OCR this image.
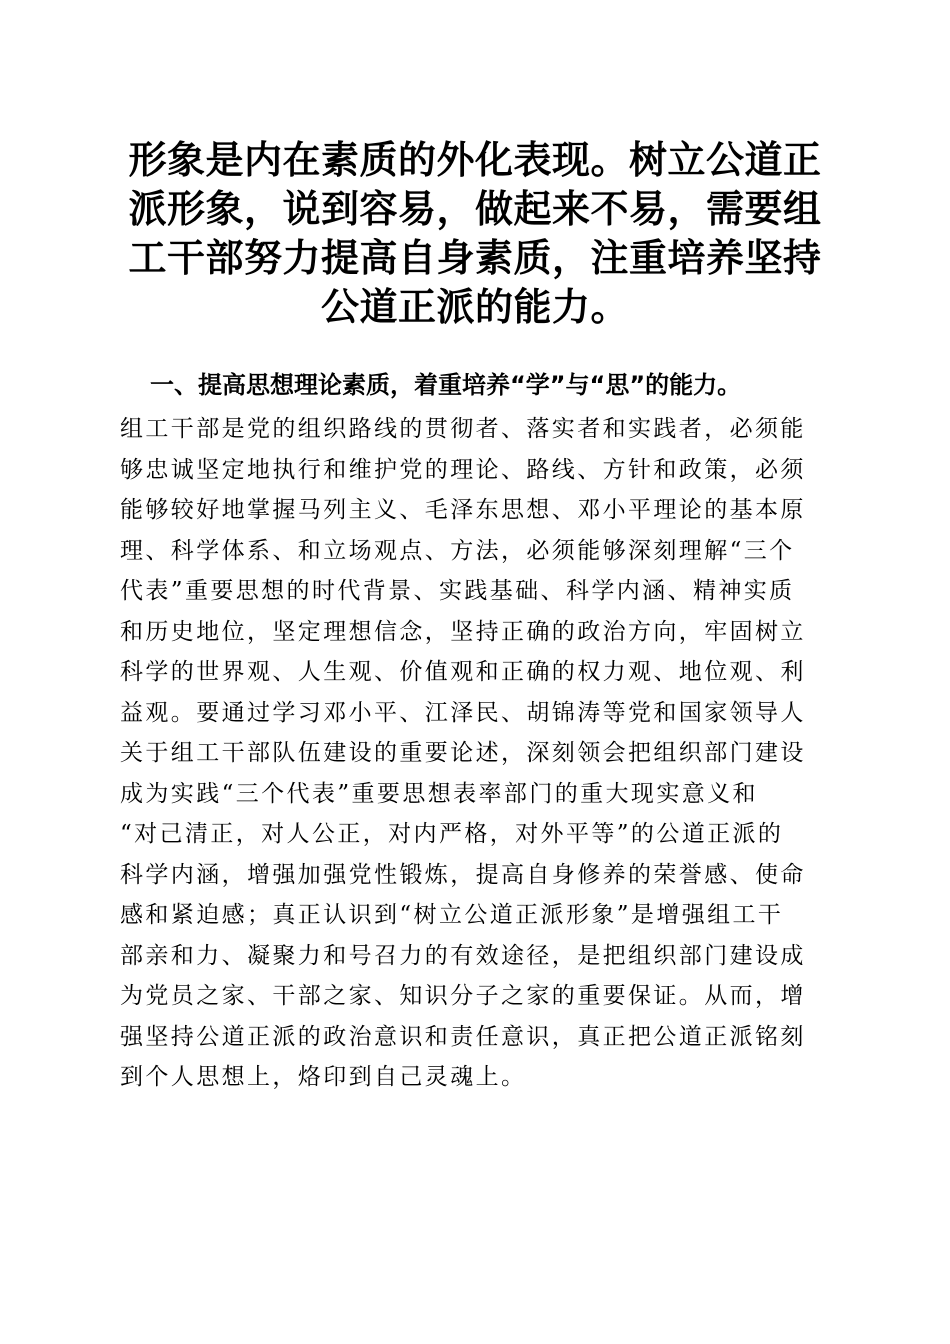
形象是内在素质的外化表现。树立公道正派形象，说到容易，做起来不易，需要组工干部努力提高自身素质，注重培养坚持公道正派的能力。
一、提高思想理论素质，着重培养“学”与“思”的能力。
组工干部是党的组织路线的贯彻者、落实者和实践者，必须能
够忠诚坚定地执行和维护党的理论、路线、方针和政策，必须
能够较好地掌握马列主义、毛泽东思想、邓小平理论的基本原
理、科学体系、和立场观点、方法，必须能够深刻理解“三个
代表”重要思想的时代背景、实践基础、科学内涵、精神实质
和历史地位，坚定理想信念，坚持正确的政治方向，牢固树立
科学的世界观、人生观、价值观和正确的权力观、地位观、利
益观。要通过学习邓小平、江泽民、胡锦涛等党和国家领导人
关于组工干部队伍建设的重要论述，深刻领会把组织部门建设
成为实践“三个代表”重要思想表率部门的重大现实意义和
“对己清正，对人公正，对内严格，对外平等”的公道正派的
科学内涵，增强加强党性锻炼，提高自身修养的荣誉感、使命
感和紧迫感；真正认识到“树立公道正派形象”是增强组工干
部亲和力、凝聚力和号召力的有效途径，是把组织部门建设成
为党员之家、干部之家、知识分子之家的重要保证。从而，增
强坚持公道正派的政治意识和责任意识，真正把公道正派铭刻
到个人思想上，烙印到自己灵魂上。
